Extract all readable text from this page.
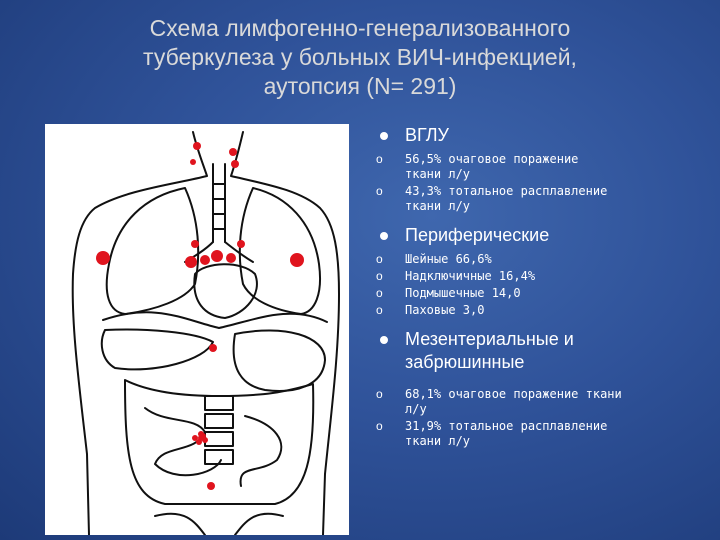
Схема лимфогенно-генерализованного
туберкулеза у больных ВИЧ-инфекцией,
аутопсия (N= 291)
ВГЛУ
o 56,5% очаговое поражение
ткани л/у
o 43,3% тотальное расплавление
ткани л/у
Периферические
o Шейные 66,6%
o Надключичные 16,4%
o Подмышечные 14,0
o Паховые 3,0
Мезентериальные и
забрюшинные
o 68,1% очаговое поражение ткани
л/у
o 31,9% тотальное расплавление
ткани л/у
